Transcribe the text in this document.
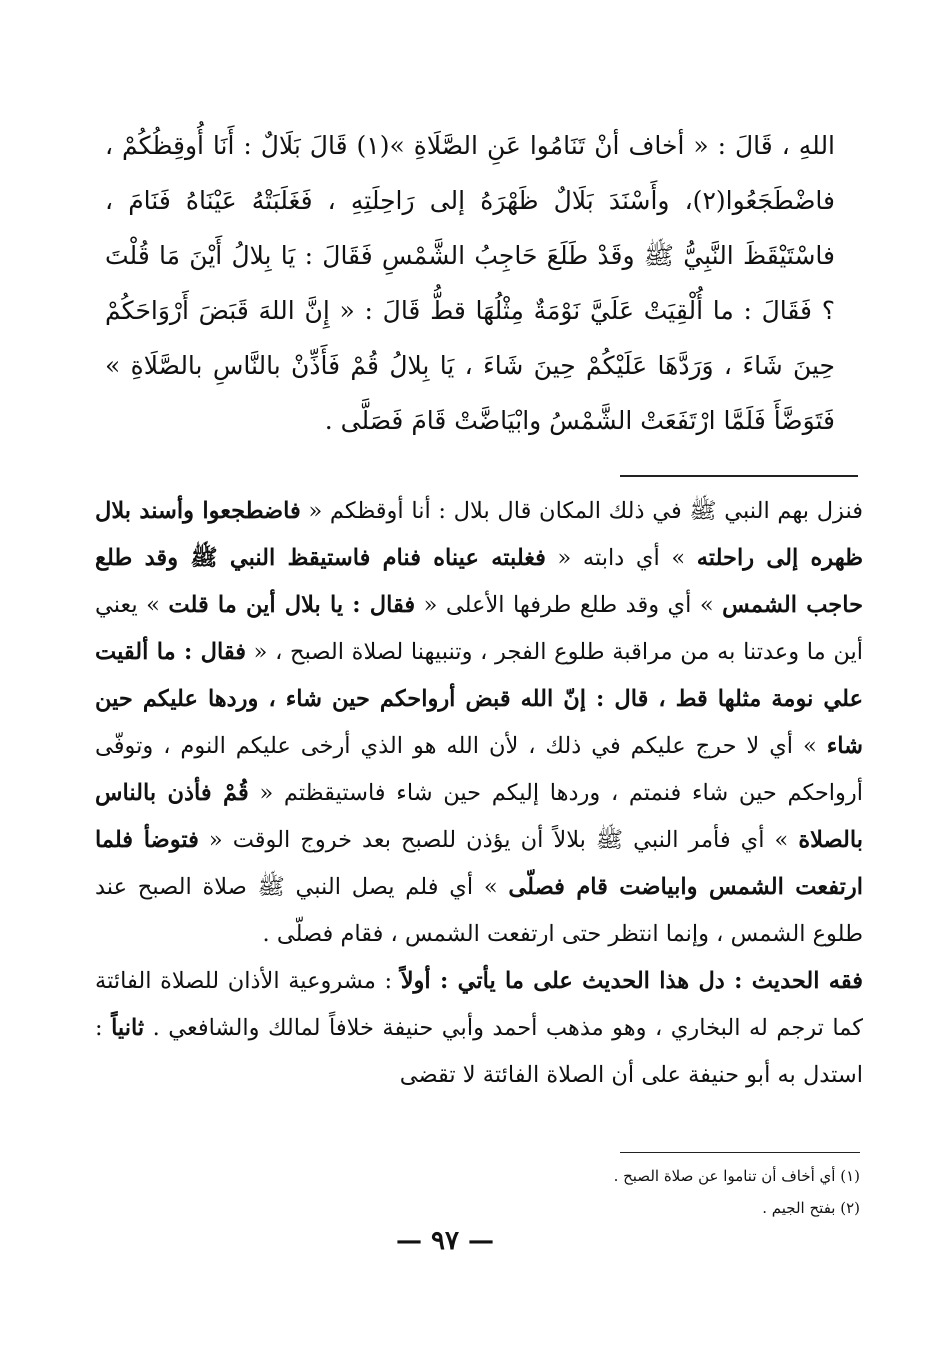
اللهِ ، قَالَ : « أخاف أنْ تَنَامُوا عَنِ الصَّلَاةِ »(١) قَالَ بَلَالٌ : أَنَا أُوقِظُكُمْ ، فاضْطَجَعُوا(٢)، وأَسْنَدَ بَلَالٌ ظَهْرَهُ إلى رَاحِلَتِهِ ، فَغَلَبَتْهُ عَيْنَاهُ فَنَامَ ، فاسْتَيْقَظَ النَّبِيُّ ﷺ وقَدْ طَلَعَ حَاجِبُ الشَّمْسِ فَقَالَ : يَا بِلالُ أَيْنَ مَا قُلْتَ ؟ فَقَالَ : ما أُلْقِيَتْ عَلَيَّ نَوْمَةٌ مِثْلُهَا قطُّ قَالَ : « إِنَّ اللهَ قَبَضَ أَرْوَاحَكُمْ حِينَ شَاءَ ، وَرَدَّهَا عَلَيْكُمْ حِينَ شَاءَ ، يَا بِلالُ قُمْ فَأَذِّنْ بالنَّاسِ بالصَّلَاةِ » فَتَوَضَّأَ فَلَمَّا ارْتَفَعَتْ الشَّمْسُ وابْيَاضَّتْ قَامَ فَصَلَّى .

فنزل بهم النبي ﷺ في ذلك المكان قال بلال : أنا أوقظكم « فاضطجعوا وأسند بلال ظهره إلى راحلته » أي دابته « فغلبته عيناه فنام فاستيقظ النبي ﷺ وقد طلع حاجب الشمس » أي وقد طلع طرفها الأعلى « فقال : يا بلال أين ما قلت » يعني أين ما وعدتنا به من مراقبة طلوع الفجر ، وتنبيهنا لصلاة الصبح ، « فقال : ما ألقيت علي نومة مثلها قط ، قال : إنّ الله قبض أرواحكم حين شاء ، وردها عليكم حين شاء » أي لا حرج عليكم في ذلك ، لأن الله هو الذي أرخى عليكم النوم ، وتوفّى أرواحكم حين شاء فنمتم ، وردها إليكم حين شاء فاستيقظتم « قُمْ فأذن بالناس بالصلاة » أي فأمر النبي ﷺ بلالاً أن يؤذن للصبح بعد خروج الوقت « فتوضأ فلما ارتفعت الشمس وابياضت قام فصلّى » أي فلم يصل النبي ﷺ صلاة الصبح عند طلوع الشمس ، وإنما انتظر حتى ارتفعت الشمس ، فقام فصلّى .

فقه الحديث : دل هذا الحديث على ما يأتي : أولاً : مشروعية الأذان للصلاة الفائتة كما ترجم له البخاري ، وهو مذهب أحمد وأبي حنيفة خلافاً لمالك والشافعي . ثانياً : استدل به أبو حنيفة على أن الصلاة الفائتة لا تقضى

(١) أي أخاف أن تناموا عن صلاة الصبح .

(٢) بفتح الجيم .

— ٩٧ —
